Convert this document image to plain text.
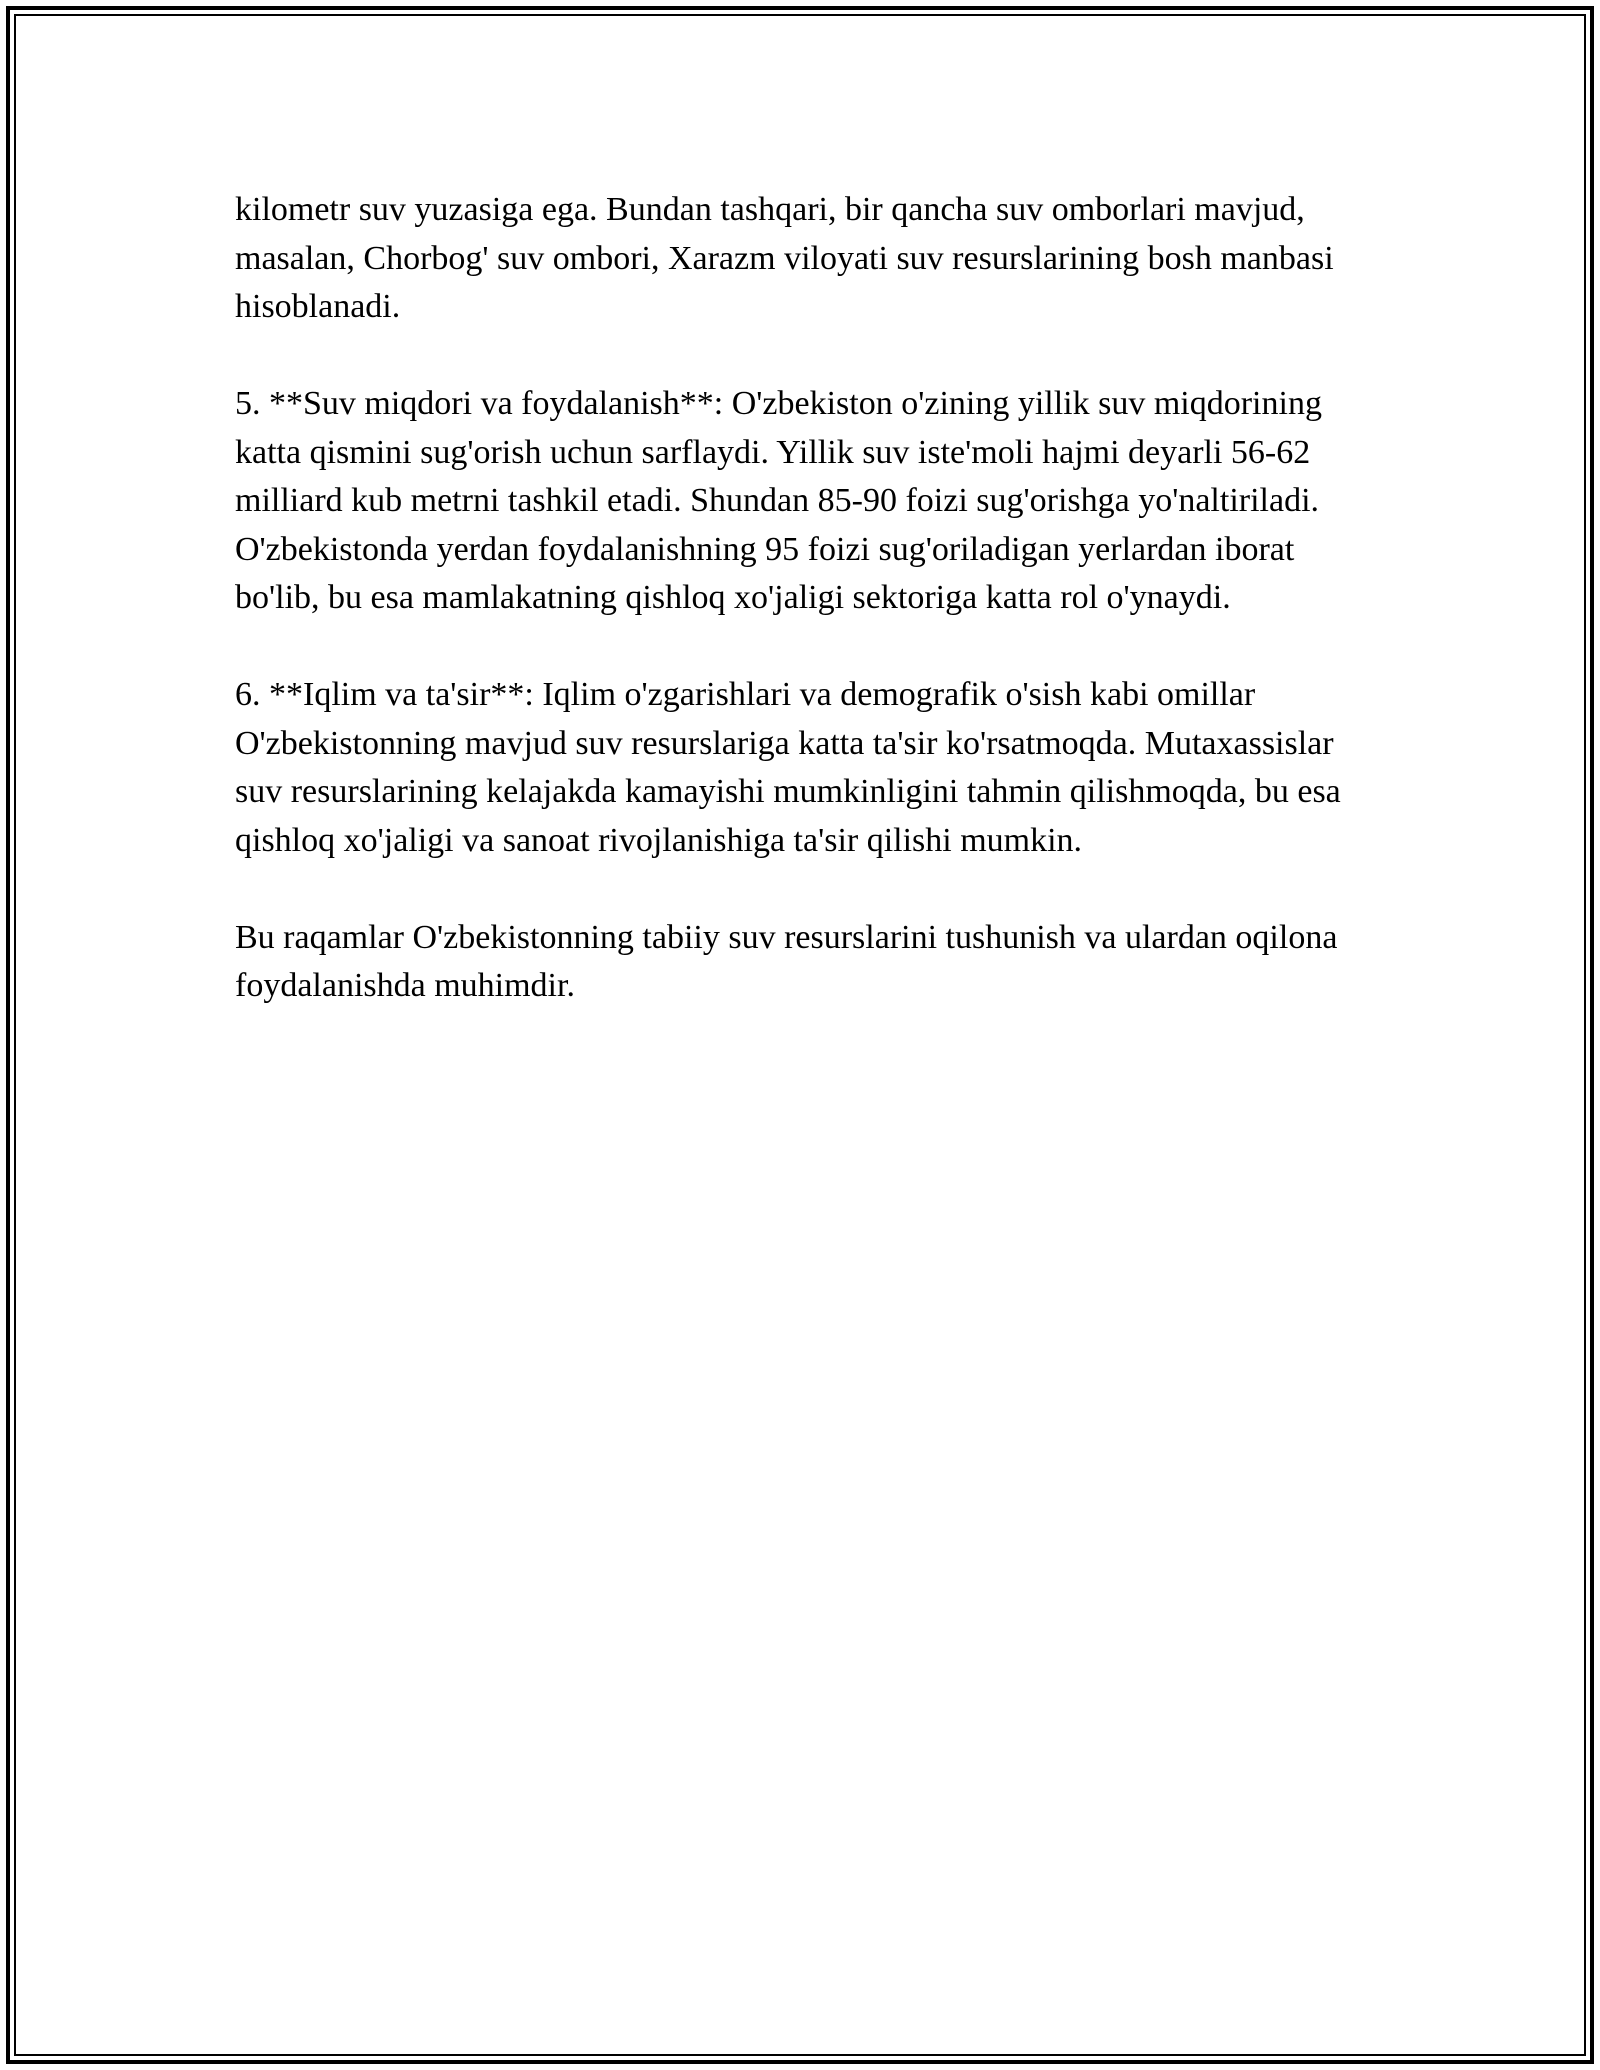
kilometr suv yuzasiga ega. Bundan tashqari, bir qancha suv omborlari mavjud, masalan, Chorbog' suv ombori, Xarazm viloyati suv resurslarining bosh manbasi hisoblanadi.

5. **Suv miqdori va foydalanish**: O'zbekiston o'zining yillik suv miqdorining katta qismini sug'orish uchun sarflaydi. Yillik suv iste'moli hajmi deyarli 56-62 milliard kub metrni tashkil etadi. Shundan 85-90 foizi sug'orishga yo'naltiriladi. O'zbekistonda yerdan foydalanishning 95 foizi sug'oriladigan yerlardan iborat bo'lib, bu esa mamlakatning qishloq xo'jaligi sektoriga katta rol o'ynaydi.

6. **Iqlim va ta'sir**: Iqlim o'zgarishlari va demografik o'sish kabi omillar O'zbekistonning mavjud suv resurslariga katta ta'sir ko'rsatmoqda. Mutaxassislar suv resurslarining kelajakda kamayishi mumkinligini tahmin qilishmoqda, bu esa qishloq xo'jaligi va sanoat rivojlanishiga ta'sir qilishi mumkin.

Bu raqamlar O'zbekistonning tabiiy suv resurslarini tushunish va ulardan oqilona foydalanishda muhimdir.
